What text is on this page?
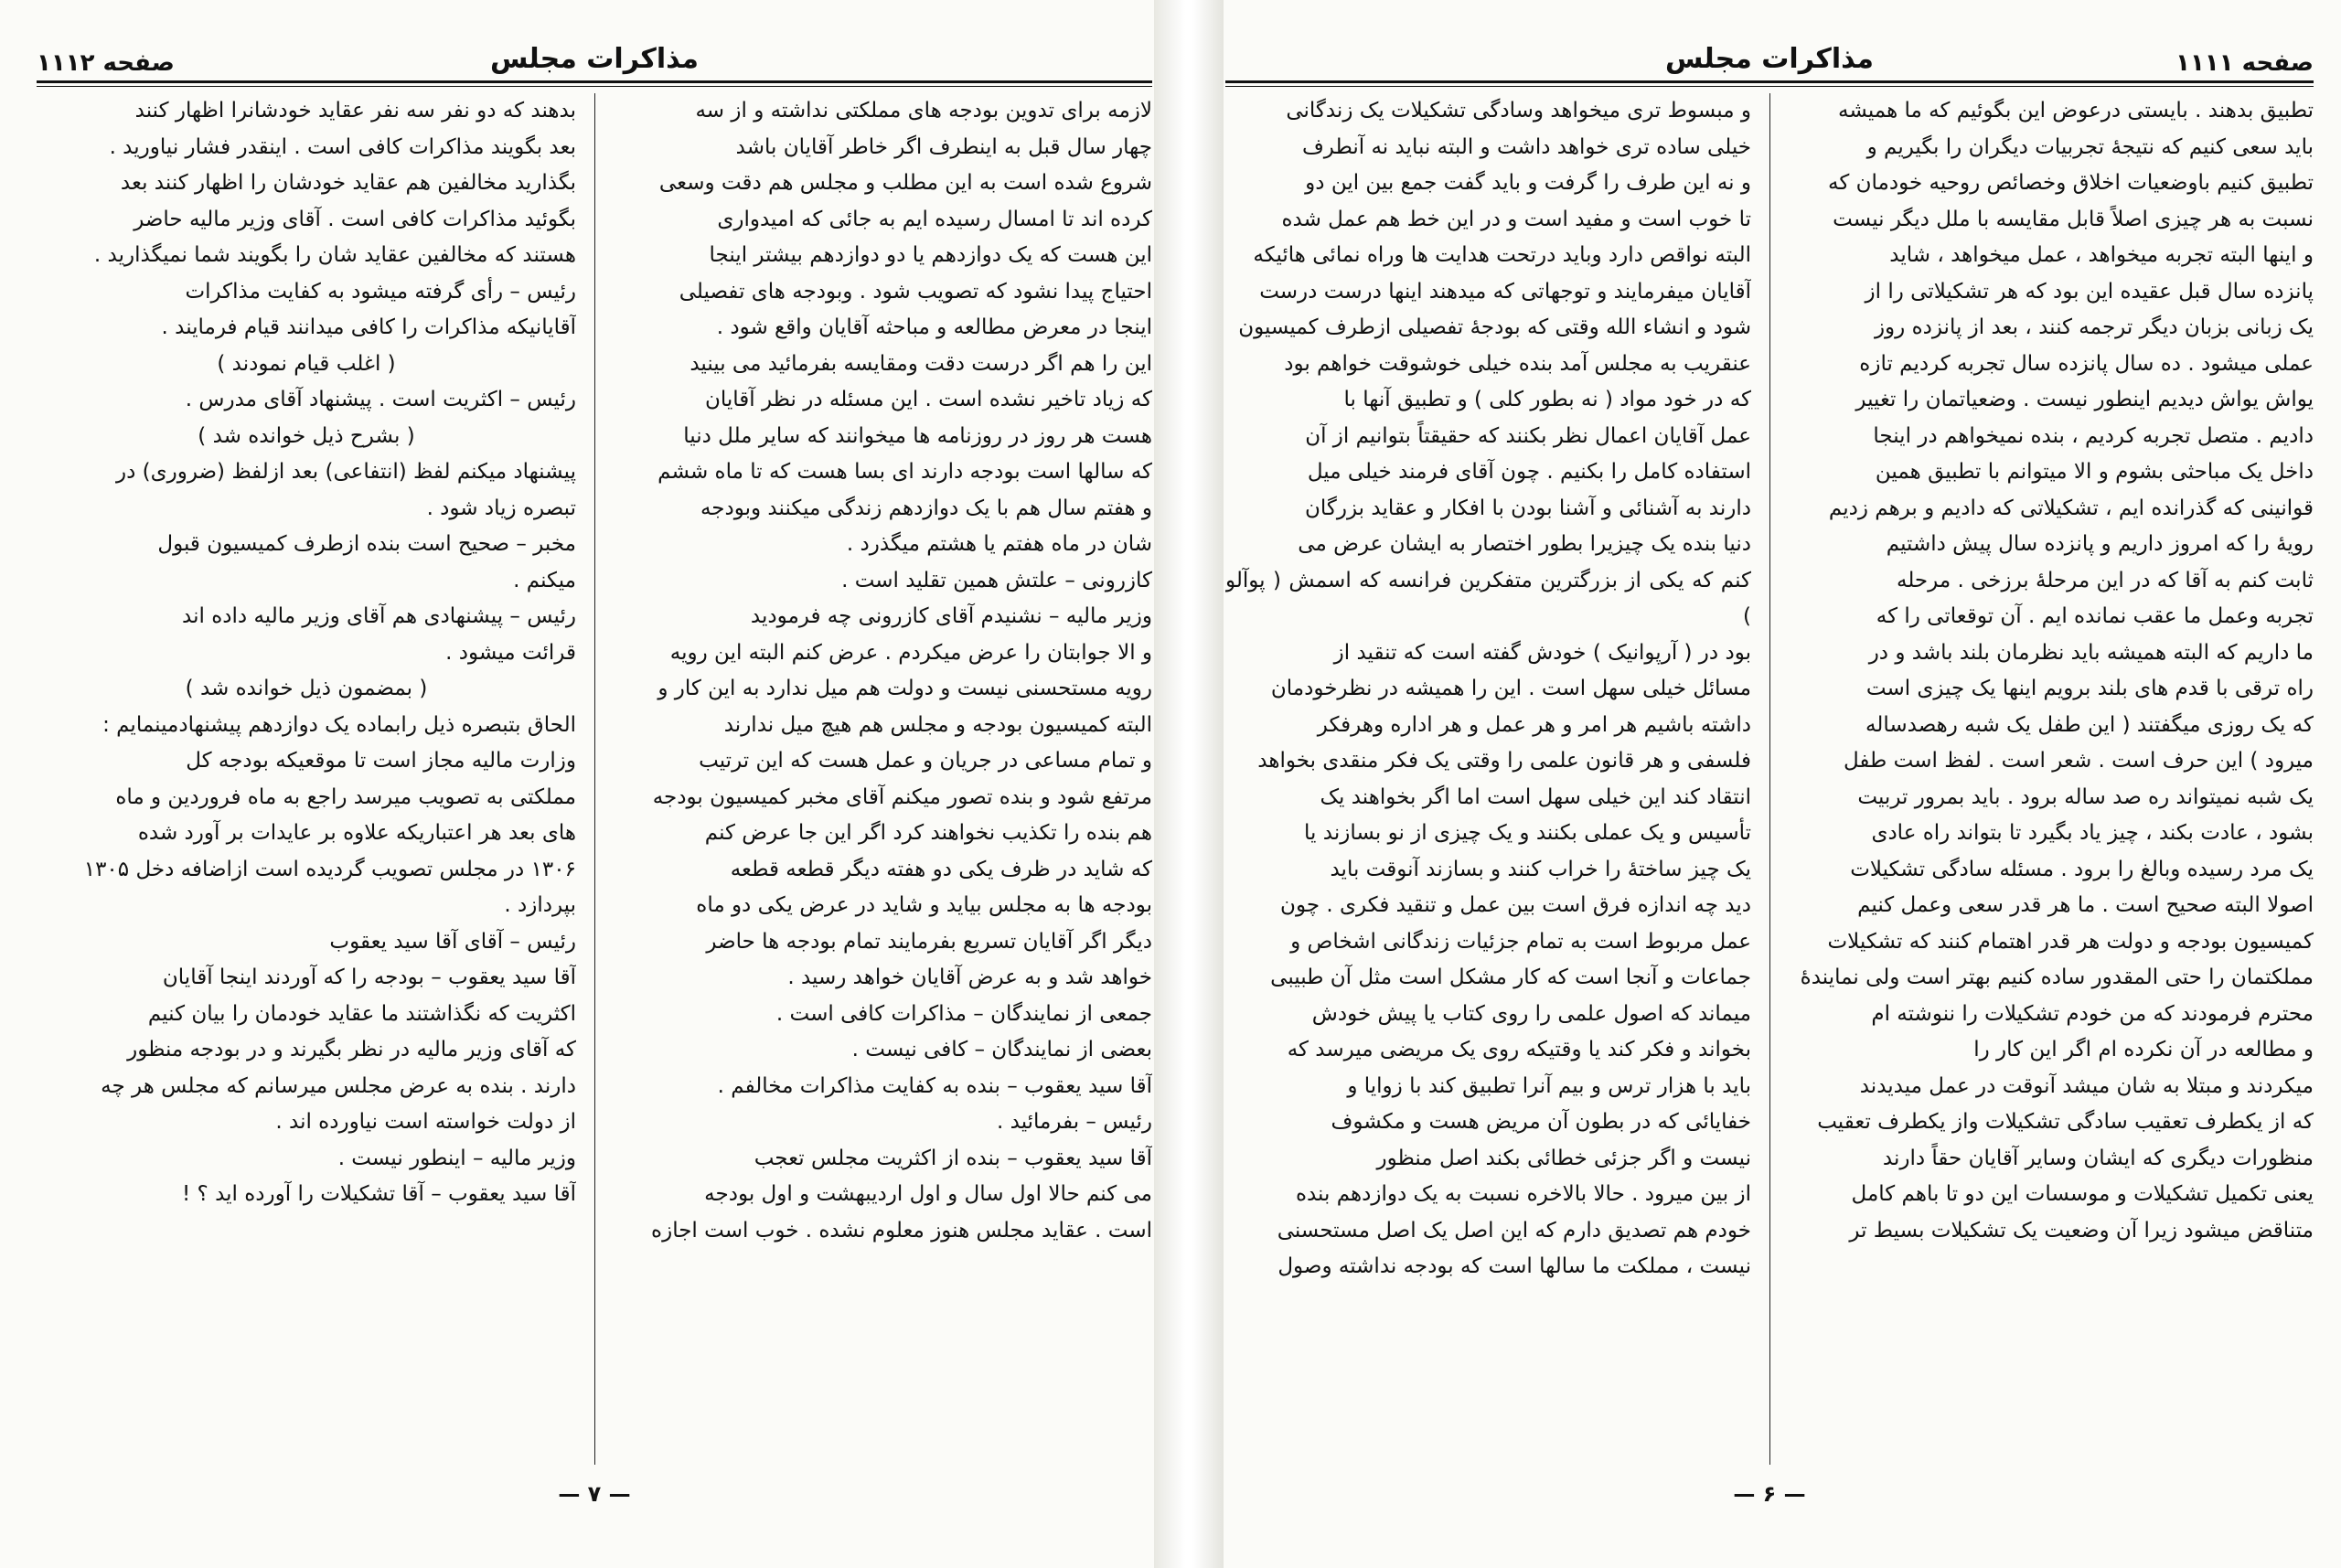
مذاکرات مجلس
صفحه ۱۱۱۲

لازمه برای تدوین بودجه های مملکتی نداشته و از سه

چهار سال قبل به اینطرف اگر خاطر آقایان باشد

شروع شده است به این مطلب و مجلس هم دقت وسعی

کرده اند تا امسال رسیده ایم به جائی که امیدواری

این هست که یک دوازدهم یا دو دوازدهم بیشتر اینجا

احتیاج پیدا نشود که تصویب شود . وبودجه های تفصیلی

اینجا در معرض مطالعه و مباحثه آقایان واقع شود .

این را هم اگر درست دقت ومقایسه بفرمائید می بینید

که زیاد تاخیر نشده است . این مسئله در نظر آقایان

هست هر روز در روزنامه ها میخوانند که سایر ملل دنیا

که سالها است بودجه دارند ای بسا هست که تا ماه ششم

و هفتم سال هم با یک دوازدهم زندگی میکنند وبودجه

شان در ماه هفتم یا هشتم میگذرد .

کازرونی – علتش همین تقلید است .

وزیر مالیه – نشنیدم آقای کازرونی چه فرمودید

و الا جوابتان را عرض میکردم . عرض کنم البته این رویه

رویه مستحسنی نیست و دولت هم میل ندارد به این کار و

البته کمیسیون بودجه و مجلس هم هیچ میل ندارند

و تمام مساعی در جریان و عمل هست که این ترتیب

مرتفع شود و بنده تصور میکنم آقای مخبر کمیسیون بودجه

هم بنده را تکذیب نخواهند کرد اگر این جا عرض کنم

که شاید در ظرف یکی دو هفته دیگر قطعه قطعه

بودجه ها به مجلس بیاید و شاید در عرض یکی دو ماه

دیگر اگر آقایان تسریع بفرمایند تمام بودجه ها حاضر

خواهد شد و به عرض آقایان خواهد رسید .

جمعی از نمایندگان – مذاکرات کافی است .

بعضی از نمایندگان – کافی نیست .

آقا سید یعقوب – بنده به کفایت مذاکرات مخالفم .

رئیس – بفرمائید .

آقا سید یعقوب – بنده از اکثریت مجلس تعجب

می کنم حالا اول سال و اول اردیبهشت و اول بودجه

است . عقاید مجلس هنوز معلوم نشده . خوب است اجازه

بدهند که دو نفر سه نفر عقاید خودشانرا اظهار کنند

بعد بگویند مذاکرات کافی است . اینقدر فشار نیاورید .

بگذارید مخالفین هم عقاید خودشان را اظهار کنند بعد

بگوئید مذاکرات کافی است . آقای وزیر مالیه حاضر

هستند که مخالفین عقاید شان را بگویند شما نمیگذارید .

رئیس – رأی گرفته میشود به کفایت مذاکرات

آقایانیکه مذاکرات را کافی میدانند قیام فرمایند .

( اغلب قیام نمودند )

رئیس – اکثریت است . پیشنهاد آقای مدرس .

( بشرح ذیل خوانده شد )

پیشنهاد میکنم لفظ (انتفاعی) بعد ازلفظ (ضروری) در

تبصره زیاد شود .

مخبر – صحیح است بنده ازطرف کمیسیون قبول

میکنم .

رئیس – پیشنهادی هم آقای وزیر مالیه داده اند

قرائت میشود .

( بمضمون ذیل خوانده شد )

الحاق بتبصره ذیل رابماده یک دوازدهم پیشنهادمینمایم :

وزارت مالیه مجاز است تا موقعیکه بودجه کل

مملکتی به تصویب میرسد راجع به ماه فروردین و ماه

های بعد هر اعتباریکه علاوه بر عایدات بر آورد شده

۱۳۰۶ در مجلس تصویب گردیده است ازاضافه دخل ۱۳۰۵

بپردازد .

رئیس – آقای آقا سید یعقوب

آقا سید یعقوب – بودجه را که آوردند اینجا آقایان

اکثریت که نگذاشتند ما عقاید خودمان را بیان کنیم

که آقای وزیر مالیه در نظر بگیرند و در بودجه منظور

دارند . بنده به عرض مجلس میرسانم که مجلس هر چه

از دولت خواسته است نیاورده اند .

وزیر مالیه – اینطور نیست .

آقا سید یعقوب – آقا تشکیلات را آورده اید ؟ !

— ۷ —
صفحه ۱۱۱۱
مذاکرات مجلس

تطبیق بدهند . بایستی درعوض این بگوئیم که ما همیشه

باید سعی کنیم که نتیجهٔ تجربیات دیگران را بگیریم و

تطبیق کنیم باوضعیات اخلاق وخصائص روحیه خودمان که

نسبت به هر چیزی اصلاً قابل مقایسه با ملل دیگر نیست

و اینها البته تجربه میخواهد ، عمل میخواهد ، شاید

پانزده سال قبل عقیده این بود که هر تشکیلاتی را از

یک زبانی بزبان دیگر ترجمه کنند ، بعد از پانزده روز

عملی میشود . ده سال پانزده سال تجربه کردیم تازه

یواش یواش دیدیم اینطور نیست . وضعیاتمان را تغییر

دادیم . متصل تجربه کردیم ، بنده نمیخواهم در اینجا

داخل یک مباحثی بشوم و الا میتوانم با تطبیق همین

قوانینی که گذرانده ایم ، تشکیلاتی که دادیم و برهم زدیم

رویهٔ را که امروز داریم و پانزده سال پیش داشتیم

ثابت کنم به آقا که در این مرحلهٔ برزخی . مرحله

تجربه وعمل ما عقب نمانده ایم . آن توقعاتی را که

ما داریم که البته همیشه باید نظرمان بلند باشد و در

راه ترقی با قدم های بلند برویم اینها یک چیزی است

که یک روزی میگفتند ( این طفل یک شبه رهصدساله

میرود ) این حرف است . شعر است . لفظ است طفل

یک شبه نمیتواند ره صد ساله برود . باید بمرور تربیت

بشود ، عادت بکند ، چیز یاد بگیرد تا بتواند راه عادی

یک مرد رسیده وبالغ را برود . مسئله سادگی تشکیلات

اصولا البته صحیح است . ما هر قدر سعی وعمل کنیم

کمیسیون بودجه و دولت هر قدر اهتمام کنند که تشکیلات

مملکتمان را حتی المقدور ساده کنیم بهتر است ولی نمایندهٔ

محترم فرمودند که من خودم تشکیلات را ننوشته ام

و مطالعه در آن نکرده ام اگر این کار را

میکردند و مبتلا به شان میشد آنوقت در عمل میدیدند

که از یکطرف تعقیب سادگی تشکیلات واز یکطرف تعقیب

منظورات دیگری که ایشان وسایر آقایان حقاً دارند

یعنی تکمیل تشکیلات و موسسات این دو تا باهم کامل

متناقض میشود زیرا آن وضعیت یک تشکیلات بسیط تر

و مبسوط تری میخواهد وسادگی تشکیلات یک زندگانی

خیلی ساده تری خواهد داشت و البته نباید نه آنطرف

و نه این طرف را گرفت و باید گفت جمع بین این دو

تا خوب است و مفید است و در این خط هم عمل شده

البته نواقص دارد وباید درتحت هدایت ها وراه نمائی هائیکه

آقایان میفرمایند و توجهاتی که میدهند اینها درست درست

شود و انشاء الله وقتی که بودجهٔ تفصیلی ازطرف کمیسیون

عنقریب به مجلس آمد بنده خیلی خوشوقت خواهم بود

که در خود مواد ( نه بطور کلی ) و تطبیق آنها با

عمل آقایان اعمال نظر بکنند که حقیقتاً بتوانیم از آن

استفاده کامل را بکنیم . چون آقای فرمند خیلی میل

دارند به آشنائی و آشنا بودن با افکار و عقاید بزرگان

دنیا بنده یک چیزیرا بطور اختصار به ایشان عرض می

کنم که یکی از بزرگترین متفکرین فرانسه که اسمش ( پوآلو )

بود در ( آرپوانیک ) خودش گفته است که تنقید از

مسائل خیلی سهل است . این را همیشه در نظرخودمان

داشته باشیم هر امر و هر عمل و هر اداره وهرفکر

فلسفی و هر قانون علمی را وقتی یک فکر منقدی بخواهد

انتقاد کند این خیلی سهل است اما اگر بخواهند یک

تأسیس و یک عملی بکنند و یک چیزی از نو بسازند یا

یک چیز ساختهٔ را خراب کنند و بسازند آنوقت باید

دید چه اندازه فرق است بین عمل و تنقید فکری . چون

عمل مربوط است به تمام جزئیات زندگانی اشخاص و

جماعات و آنجا است که کار مشکل است مثل آن طبیبی

میماند که اصول علمی را روی کتاب یا پیش خودش

بخواند و فکر کند یا وقتیکه روی یک مریضی میرسد که

باید با هزار ترس و بیم آنرا تطبیق کند با زوایا و

خفایائی که در بطون آن مریض هست و مکشوف

نیست و اگر جزئی خطائی بکند اصل منظور

از بین میرود . حالا بالاخره نسبت به یک دوازدهم بنده

خودم هم تصدیق دارم که این اصل یک اصل مستحسنی

نیست ، مملکت ما سالها است که بودجه نداشته وصول

— ۶ —
